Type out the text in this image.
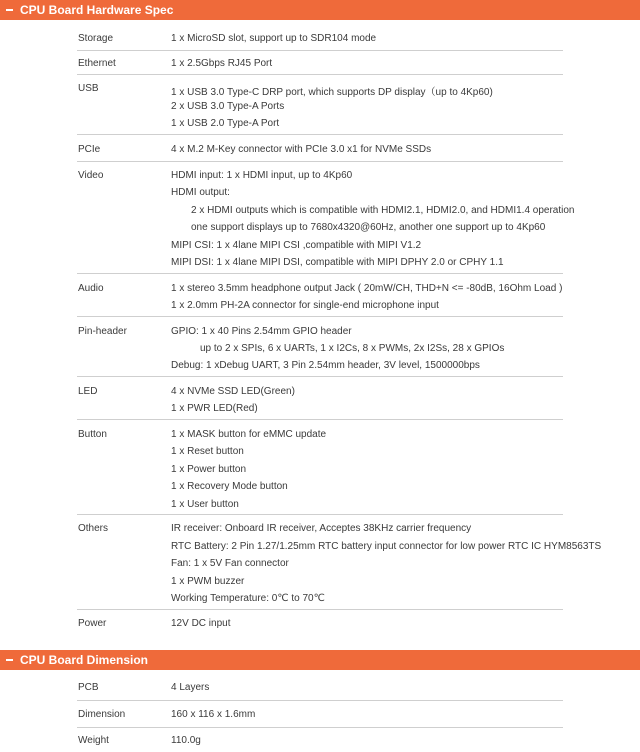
CPU Board Hardware Spec
Storage	1 x MicroSD slot, support up to SDR104 mode
Ethernet	1 x 2.5Gbps RJ45 Port
USB	1 x USB 3.0 Type-C DRP port, which supports DP display（up to 4Kp60)
2 x USB 3.0 Type-A Ports
1 x USB 2.0 Type-A Port
PCIe	4 x M.2 M-Key connector with PCIe 3.0 x1 for NVMe SSDs
Video	HDMI input: 1 x HDMI input, up to 4Kp60
HDMI output:
2 x HDMI outputs which is compatible with HDMI2.1, HDMI2.0, and HDMI1.4 operation
one support displays up to 7680x4320@60Hz, another one support up to 4Kp60
MIPI CSI: 1 x 4lane MIPI CSI ,compatible with MIPI V1.2
MIPI DSI: 1 x 4lane MIPI DSI, compatible with MIPI DPHY 2.0 or CPHY 1.1
Audio	1 x stereo 3.5mm headphone output Jack ( 20mW/CH, THD+N <= -80dB, 16Ohm Load )
1 x 2.0mm PH-2A connector for single-end microphone input
Pin-header	GPIO: 1 x 40 Pins 2.54mm GPIO header
up to 2 x SPIs, 6 x UARTs, 1 x I2Cs, 8 x PWMs, 2x I2Ss, 28 x GPIOs
Debug: 1 xDebug UART, 3 Pin 2.54mm header, 3V level, 1500000bps
LED	4 x NVMe SSD LED(Green)
1 x PWR LED(Red)
Button	1 x MASK button for eMMC update
1 x Reset button
1 x Power button
1 x Recovery Mode button
1 x User button
Others	IR receiver: Onboard IR receiver, Acceptes 38KHz carrier frequency
RTC Battery: 2 Pin 1.27/1.25mm RTC battery input connector for low power RTC IC HYM8563TS
Fan: 1 x 5V Fan connector
1 x PWM buzzer
Working Temperature: 0℃ to 70℃
Power	12V DC input
CPU Board Dimension
PCB	4 Layers
Dimension	160 x 116 x 1.6mm
Weight	110.0g
